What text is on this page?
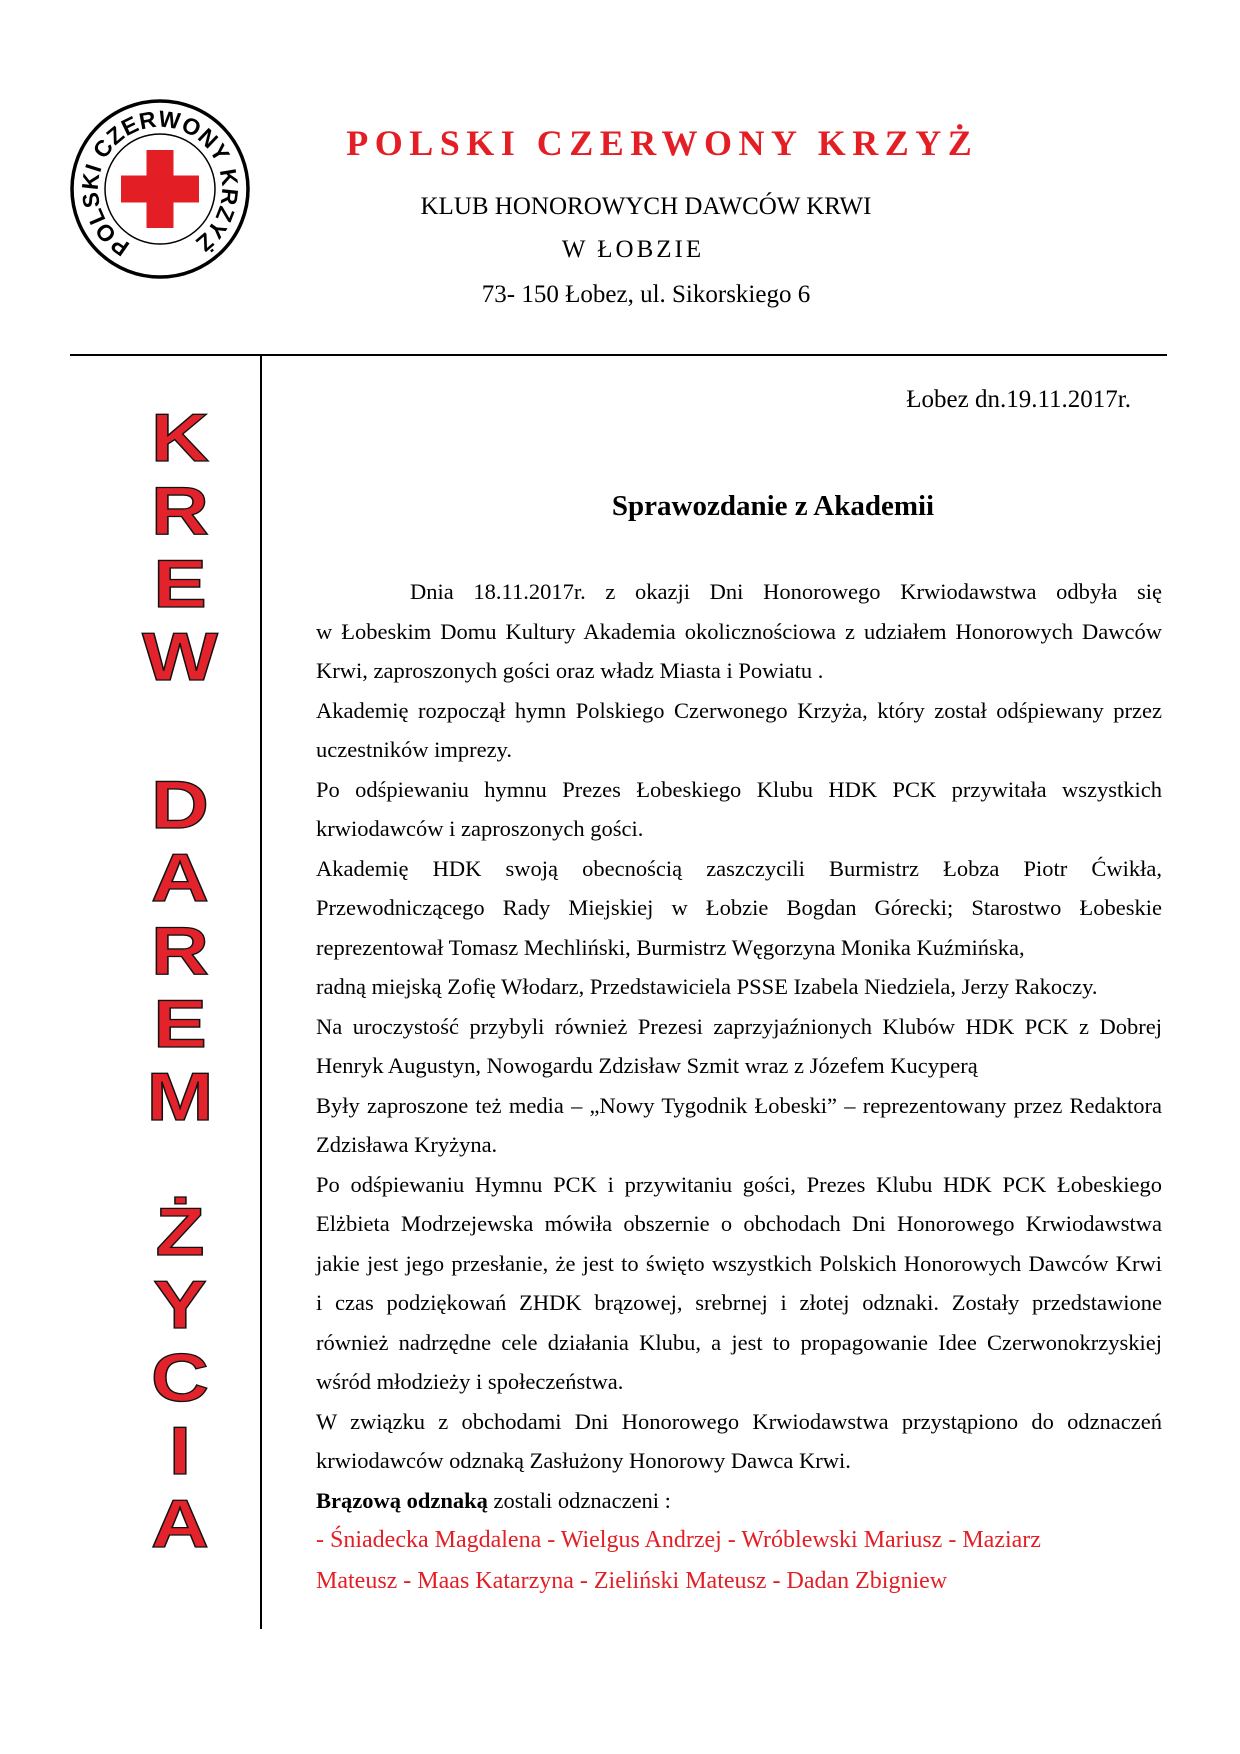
POLSKI CZERWONY KRZYŻ
POLSKI CZERWONY KRZYŻ
KLUB HONOROWYCH DAWCÓW KRWI
W ŁOBZIE
73- 150 Łobez, ul. Sikorskiego 6
KREW
DAREM
ŻYCIA
Łobez dn.19.11.2017r.
Sprawozdanie z Akademii
Dnia 18.11.2017r. z okazji Dni Honorowego Krwiodawstwa odbyła się
w Łobeskim Domu Kultury Akademia okolicznościowa z udziałem Honorowych Dawców
Krwi, zaproszonych gości oraz władz Miasta i Powiatu .
Akademię rozpoczął hymn Polskiego Czerwonego Krzyża, który został odśpiewany przez
uczestników imprezy.
Po odśpiewaniu hymnu Prezes Łobeskiego Klubu HDK PCK przywitała wszystkich
krwiodawców i zaproszonych gości.
Akademię HDK swoją obecnością zaszczycili Burmistrz Łobza Piotr Ćwikła,
Przewodniczącego Rady Miejskiej w Łobzie Bogdan Górecki; Starostwo Łobeskie
reprezentował Tomasz Mechliński, Burmistrz Węgorzyna Monika Kuźmińska,
radną miejską Zofię Włodarz, Przedstawiciela PSSE Izabela Niedziela, Jerzy Rakoczy.
Na uroczystość przybyli również Prezesi zaprzyjaźnionych Klubów HDK PCK z Dobrej
Henryk Augustyn, Nowogardu Zdzisław Szmit wraz z Józefem Kucyperą
Były zaproszone też media – „Nowy Tygodnik Łobeski” – reprezentowany przez Redaktora
Zdzisława Kryżyna.
Po odśpiewaniu Hymnu PCK i przywitaniu gości, Prezes Klubu HDK PCK Łobeskiego
Elżbieta Modrzejewska mówiła obszernie o obchodach Dni Honorowego Krwiodawstwa
jakie jest jego przesłanie, że jest to święto wszystkich Polskich Honorowych Dawców Krwi
i czas podziękowań ZHDK brązowej, srebrnej i złotej odznaki. Zostały przedstawione
również nadrzędne cele działania Klubu, a jest to propagowanie Idee Czerwonokrzyskiej
wśród młodzieży i społeczeństwa.
W związku z obchodami Dni Honorowego Krwiodawstwa przystąpiono do odznaczeń
krwiodawców odznaką Zasłużony Honorowy Dawca Krwi.
Brązową odznaką zostali odznaczeni :
- Śniadecka Magdalena - Wielgus Andrzej - Wróblewski Mariusz - Maziarz
Mateusz - Maas Katarzyna - Zieliński Mateusz - Dadan Zbigniew
